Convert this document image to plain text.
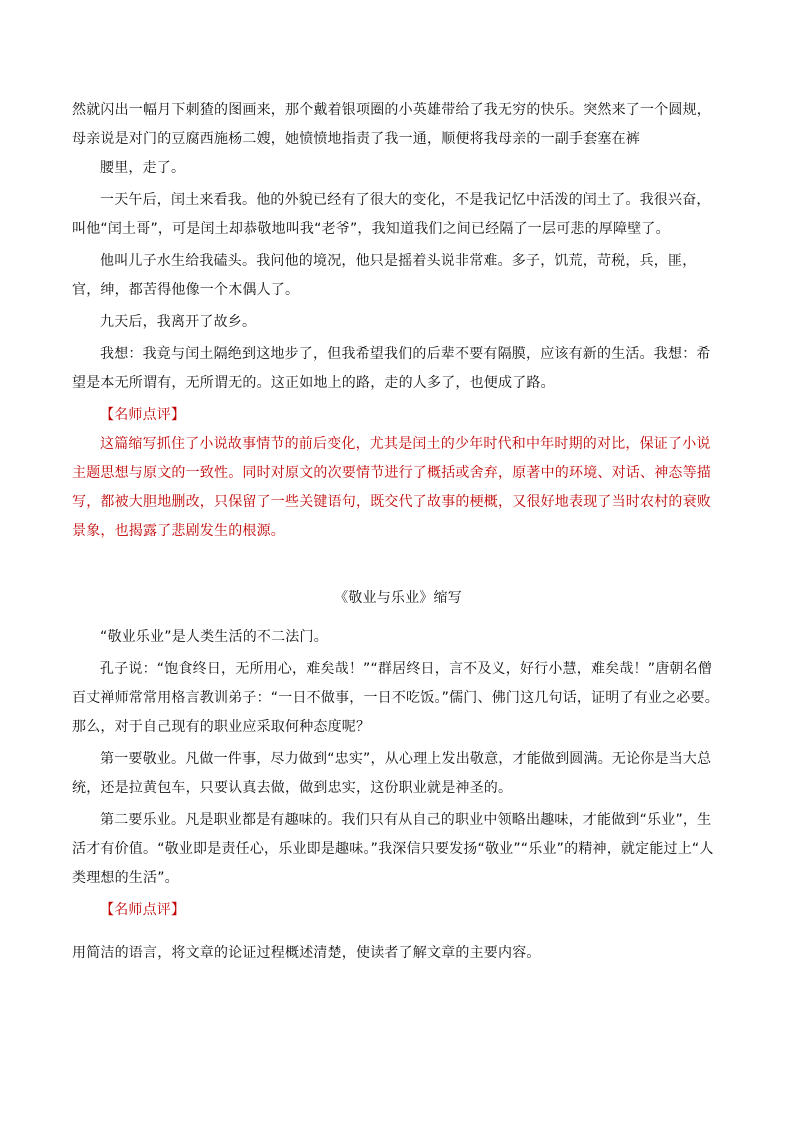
然就闪出一幅月下刺猹的图画来，那个戴着银项圈的小英雄带给了我无穷的快乐。突然来了一个圆规，母亲说是对门的豆腐西施杨二嫂，她愤愤地指责了我一通，顺便将我母亲的一副手套塞在裤

腰里，走了。

一天午后，闰土来看我。他的外貌已经有了很大的变化，不是我记忆中活泼的闰土了。我很兴奋，叫他“闰土哥”，可是闰土却恭敬地叫我“老爷”，我知道我们之间已经隔了一层可悲的厚障壁了。

他叫儿子水生给我磕头。我问他的境况，他只是摇着头说非常难。多子，饥荒，苛税，兵，匪，官，绅，都苦得他像一个木偶人了。

九天后，我离开了故乡。

我想：我竟与闰土隔绝到这地步了，但我希望我们的后辈不要有隔膜，应该有新的生活。我想：希望是本无所谓有，无所谓无的。这正如地上的路，走的人多了，也便成了路。

【名师点评】

这篇缩写抓住了小说故事情节的前后变化，尤其是闰土的少年时代和中年时期的对比，保证了小说主题思想与原文的一致性。同时对原文的次要情节进行了概括或舍弃，原著中的环境、对话、神态等描写，都被大胆地删改，只保留了一些关键语句，既交代了故事的梗概，又很好地表现了当时农村的衰败景象，也揭露了悲剧发生的根源。

《敬业与乐业》缩写

“敬业乐业”是人类生活的不二法门。

孔子说：“饱食终日，无所用心，难矣哉！”“群居终日，言不及义，好行小慧，难矣哉！”唐朝名僧百丈禅师常常用格言教训弟子：“一日不做事，一日不吃饭。”儒门、佛门这几句话，证明了有业之必要。那么，对于自己现有的职业应采取何种态度呢？

第一要敬业。凡做一件事，尽力做到“忠实”，从心理上发出敬意，才能做到圆满。无论你是当大总统，还是拉黄包车，只要认真去做，做到忠实，这份职业就是神圣的。

第二要乐业。凡是职业都是有趣味的。我们只有从自己的职业中领略出趣味，才能做到“乐业”，生活才有价值。“敬业即是责任心，乐业即是趣味。”我深信只要发扬“敬业”“乐业”的精神，就定能过上“人类理想的生活”。

【名师点评】

用简洁的语言，将文章的论证过程概述清楚，使读者了解文章的主要内容。
